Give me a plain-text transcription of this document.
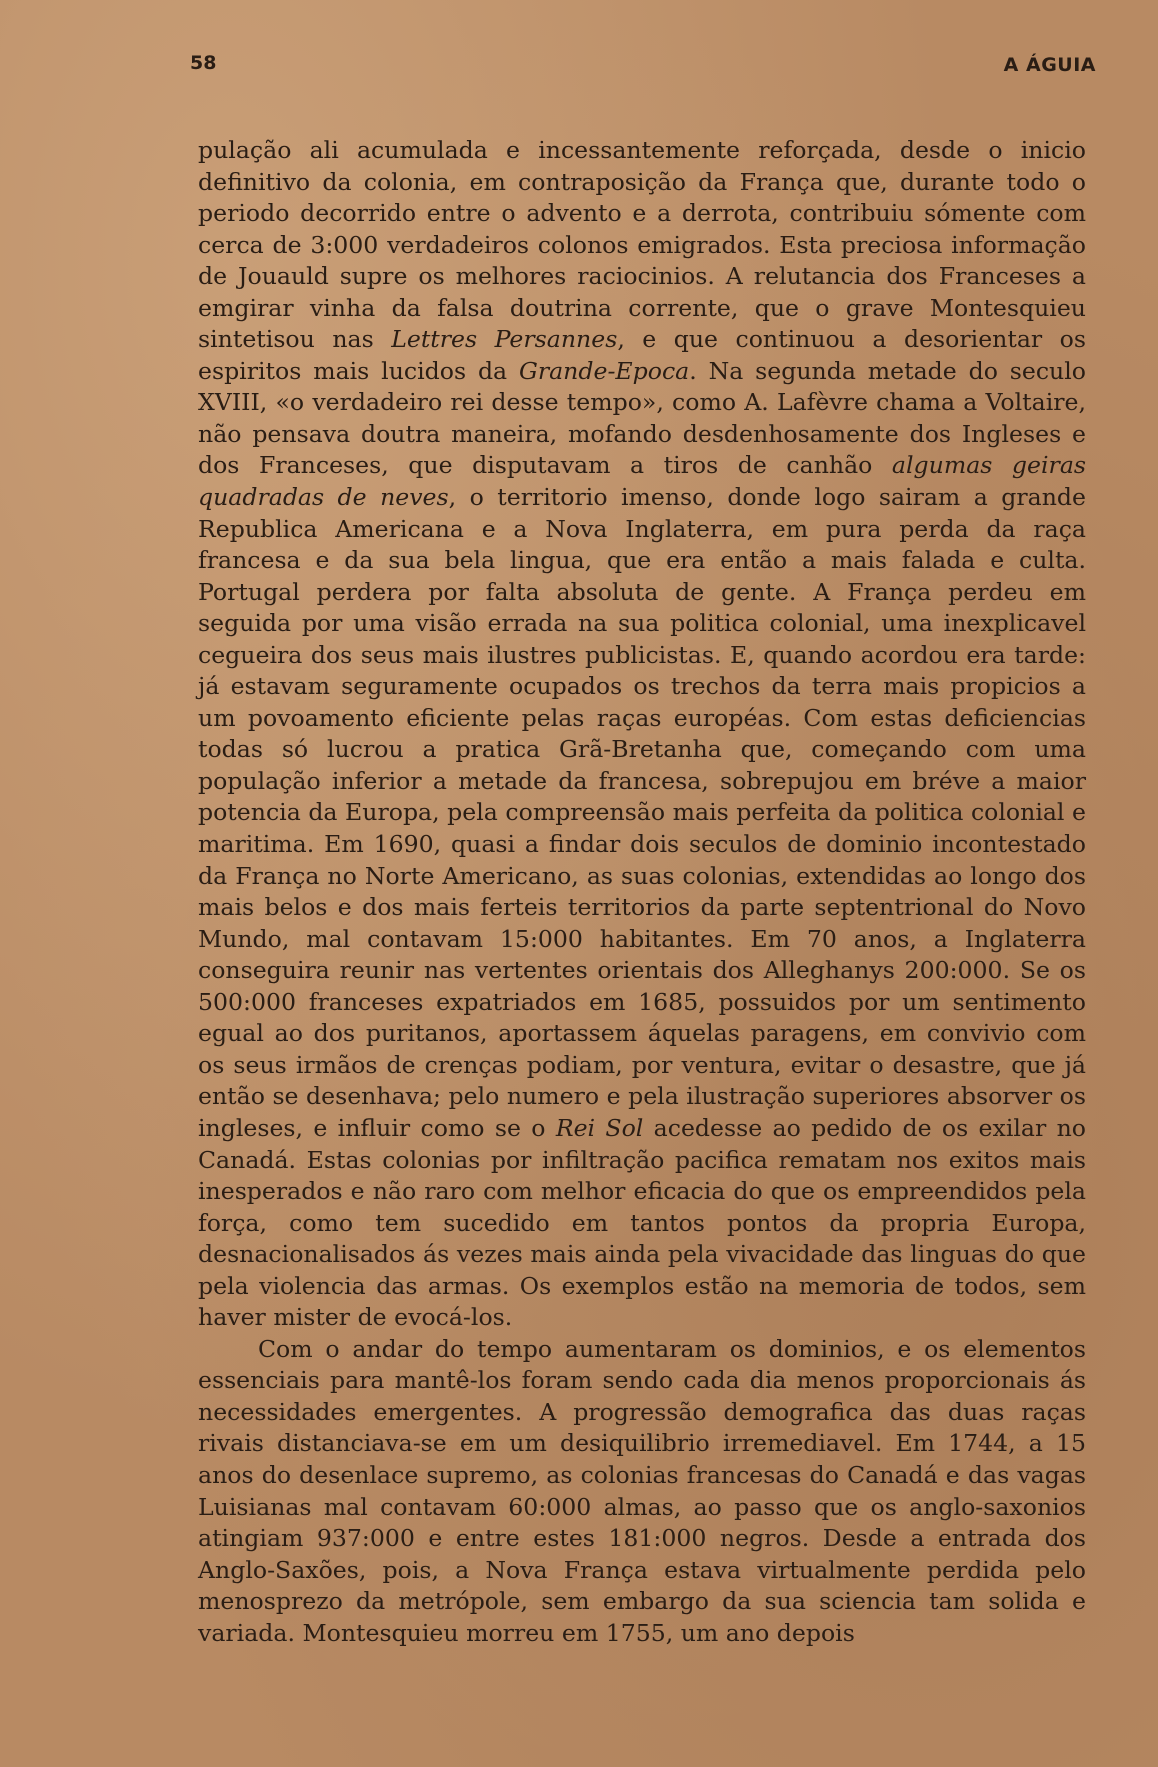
58	A ÁGUIA

pulação ali acumulada e incessantemente reforçada, desde o inicio definitivo da colonia, em contraposição da França que, durante todo o periodo decorrido entre o advento e a derrota, contribuiu sómente com cerca de 3:000 verdadeiros colonos emigrados. Esta preciosa informação de Jouauld supre os melhores raciocinios. A relutancia dos Franceses a emgirar vinha da falsa doutrina corrente, que o grave Montesquieu sintetisou nas Lettres Persannes, e que continuou a desorientar os espiritos mais lucidos da Grande-Epoca. Na segunda metade do seculo XVIII, «o verdadeiro rei desse tempo», como A. Lafèvre chama a Voltaire, não pensava doutra maneira, mofando desdenhosamente dos Ingleses e dos Franceses, que disputavam a tiros de canhão algumas geiras quadradas de neves, o territorio imenso, donde logo sairam a grande Republica Americana e a Nova Inglaterra, em pura perda da raça francesa e da sua bela lingua, que era então a mais falada e culta. Portugal perdera por falta absoluta de gente. A França perdeu em seguida por uma visão errada na sua politica colonial, uma inexplicavel cegueira dos seus mais ilustres publicistas. E, quando acordou era tarde: já estavam seguramente ocupados os trechos da terra mais propicios a um povoamento eficiente pelas raças européas. Com estas deficiencias todas só lucrou a pratica Grã-Bretanha que, começando com uma população inferior a metade da francesa, sobrepujou em bréve a maior potencia da Europa, pela compreensão mais perfeita da politica colonial e maritima. Em 1690, quasi a findar dois seculos de dominio incontestado da França no Norte Americano, as suas colonias, extendidas ao longo dos mais belos e dos mais ferteis territorios da parte septentrional do Novo Mundo, mal contavam 15:000 habitantes. Em 70 anos, a Inglaterra conseguira reunir nas vertentes orientais dos Alleghanys 200:000. Se os 500:000 franceses expatriados em 1685, possuidos por um sentimento egual ao dos puritanos, aportassem áquelas paragens, em convivio com os seus irmãos de crenças podiam, por ventura, evitar o desastre, que já então se desenhava; pelo numero e pela ilustração superiores absorver os ingleses, e influir como se o Rei Sol acedesse ao pedido de os exilar no Canadá. Estas colonias por infiltração pacifica rematam nos exitos mais inesperados e não raro com melhor eficacia do que os empreendidos pela força, como tem sucedido em tantos pontos da propria Europa, desnacionalisados ás vezes mais ainda pela vivacidade das linguas do que pela violencia das armas. Os exemplos estão na memoria de todos, sem haver mister de evocá-los.

Com o andar do tempo aumentaram os dominios, e os elementos essenciais para mantê-los foram sendo cada dia menos proporcionais ás necessidades emergentes. A progressão demografica das duas raças rivais distanciava-se em um desiquilibrio irremediavel. Em 1744, a 15 anos do desenlace supremo, as colonias francesas do Canadá e das vagas Luisianas mal contavam 60:000 almas, ao passo que os anglo-saxonios atingiam 937:000 e entre estes 181:000 negros. Desde a entrada dos Anglo-Saxões, pois, a Nova França estava virtualmente perdida pelo menosprezo da metrópole, sem embargo da sua sciencia tam solida e variada. Montesquieu morreu em 1755, um ano depois
